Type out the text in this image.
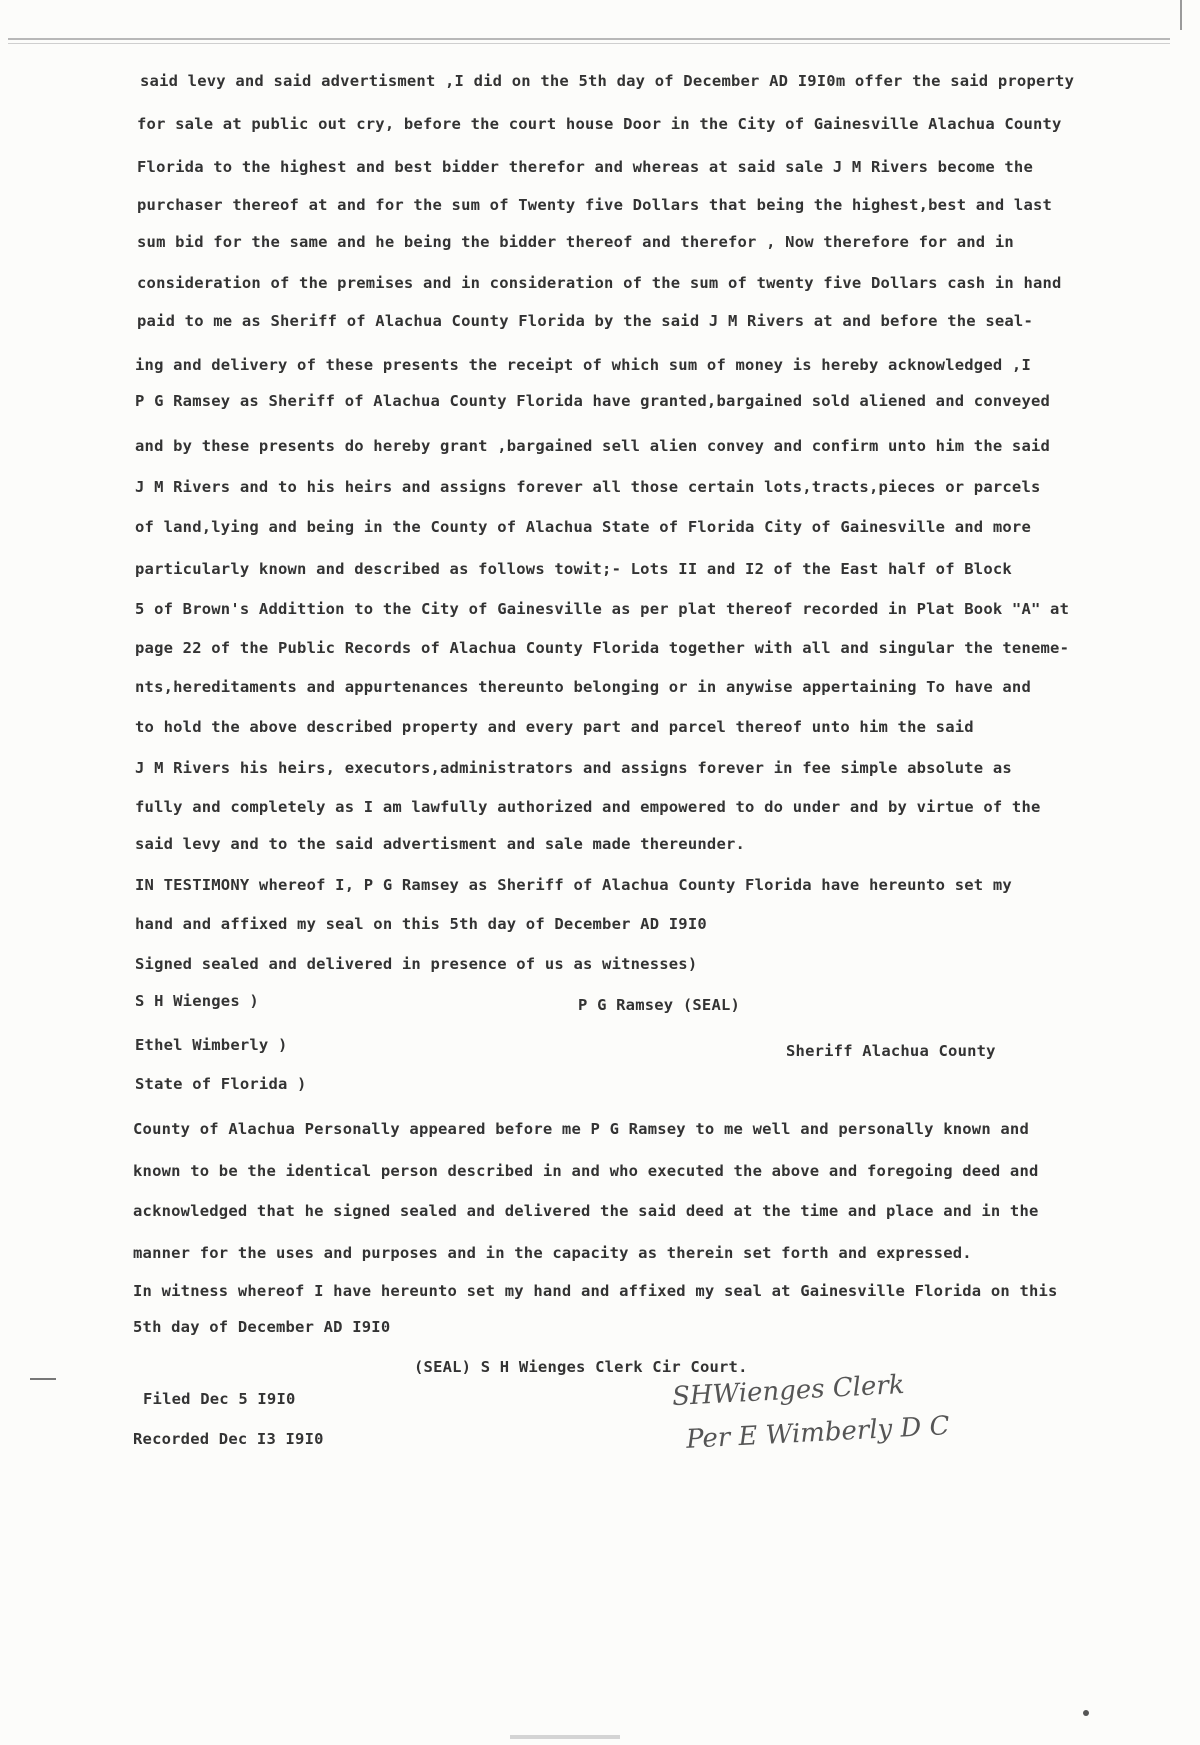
said levy and said advertisment ,I did on the 5th day of December AD I9I0m offer the said property
for sale at public out cry, before the court house Door in the City of Gainesville Alachua County
Florida to the highest and best bidder therefor and whereas at said sale J M Rivers become the
purchaser thereof at and for the sum of Twenty five Dollars that being the highest,best and last
sum bid for the same and he being the bidder thereof and therefor , Now therefore for and in
consideration of the premises and in consideration of the sum of twenty five Dollars cash in hand
paid to me as Sheriff of Alachua County Florida by the said J M Rivers at and before the seal-
ing and delivery of these presents the receipt of which sum of money is hereby acknowledged ,I
P G Ramsey as Sheriff of Alachua County Florida have granted,bargained sold aliened and conveyed
and by these presents do hereby grant ,bargained sell alien convey and confirm unto him the said
J M Rivers and to his heirs and assigns forever all those certain lots,tracts,pieces or parcels
of land,lying and being in the County of Alachua State of Florida City of Gainesville and more
particularly known and described as follows towit;- Lots II and I2 of the East half of Block
5 of Brown's Addittion to the City of Gainesville as per plat thereof recorded in Plat Book "A" at
page 22 of the Public Records of Alachua County Florida together with all and singular the teneme-
nts,hereditaments and appurtenances thereunto belonging or in anywise appertaining To have and
to hold the above described property and every part and parcel thereof unto him the said
J M Rivers his heirs, executors,administrators and assigns forever in fee simple absolute as
fully and completely as I am lawfully authorized and empowered to do under and by virtue of the
said levy and to the said advertisment and sale made thereunder.
IN TESTIMONY whereof I, P G Ramsey as Sheriff of Alachua County Florida have hereunto set my
hand and affixed my seal on this 5th day of December AD I9I0
Signed sealed and delivered in presence of us as witnesses)
S H Wienges )	P G Ramsey (SEAL)
Ethel Wimberly )	Sheriff Alachua County
State of Florida )
County of Alachua Personally appeared before me P G Ramsey to me well and personally known and
known to be the identical person described in and who executed the above and foregoing deed and
acknowledged that he signed sealed and delivered the said deed at the time and place and in the
manner for the uses and purposes and in the capacity as therein set forth and expressed.
In witness whereof I have hereunto set my hand and affixed my seal at Gainesville Florida on this
5th day of December AD I9I0
(SEAL) S H Wienges Clerk Cir Court.
Filed Dec 5 I9I0
Recorded Dec I3 I9I0
SHWienges Clerk
Per E Wimberly D C
